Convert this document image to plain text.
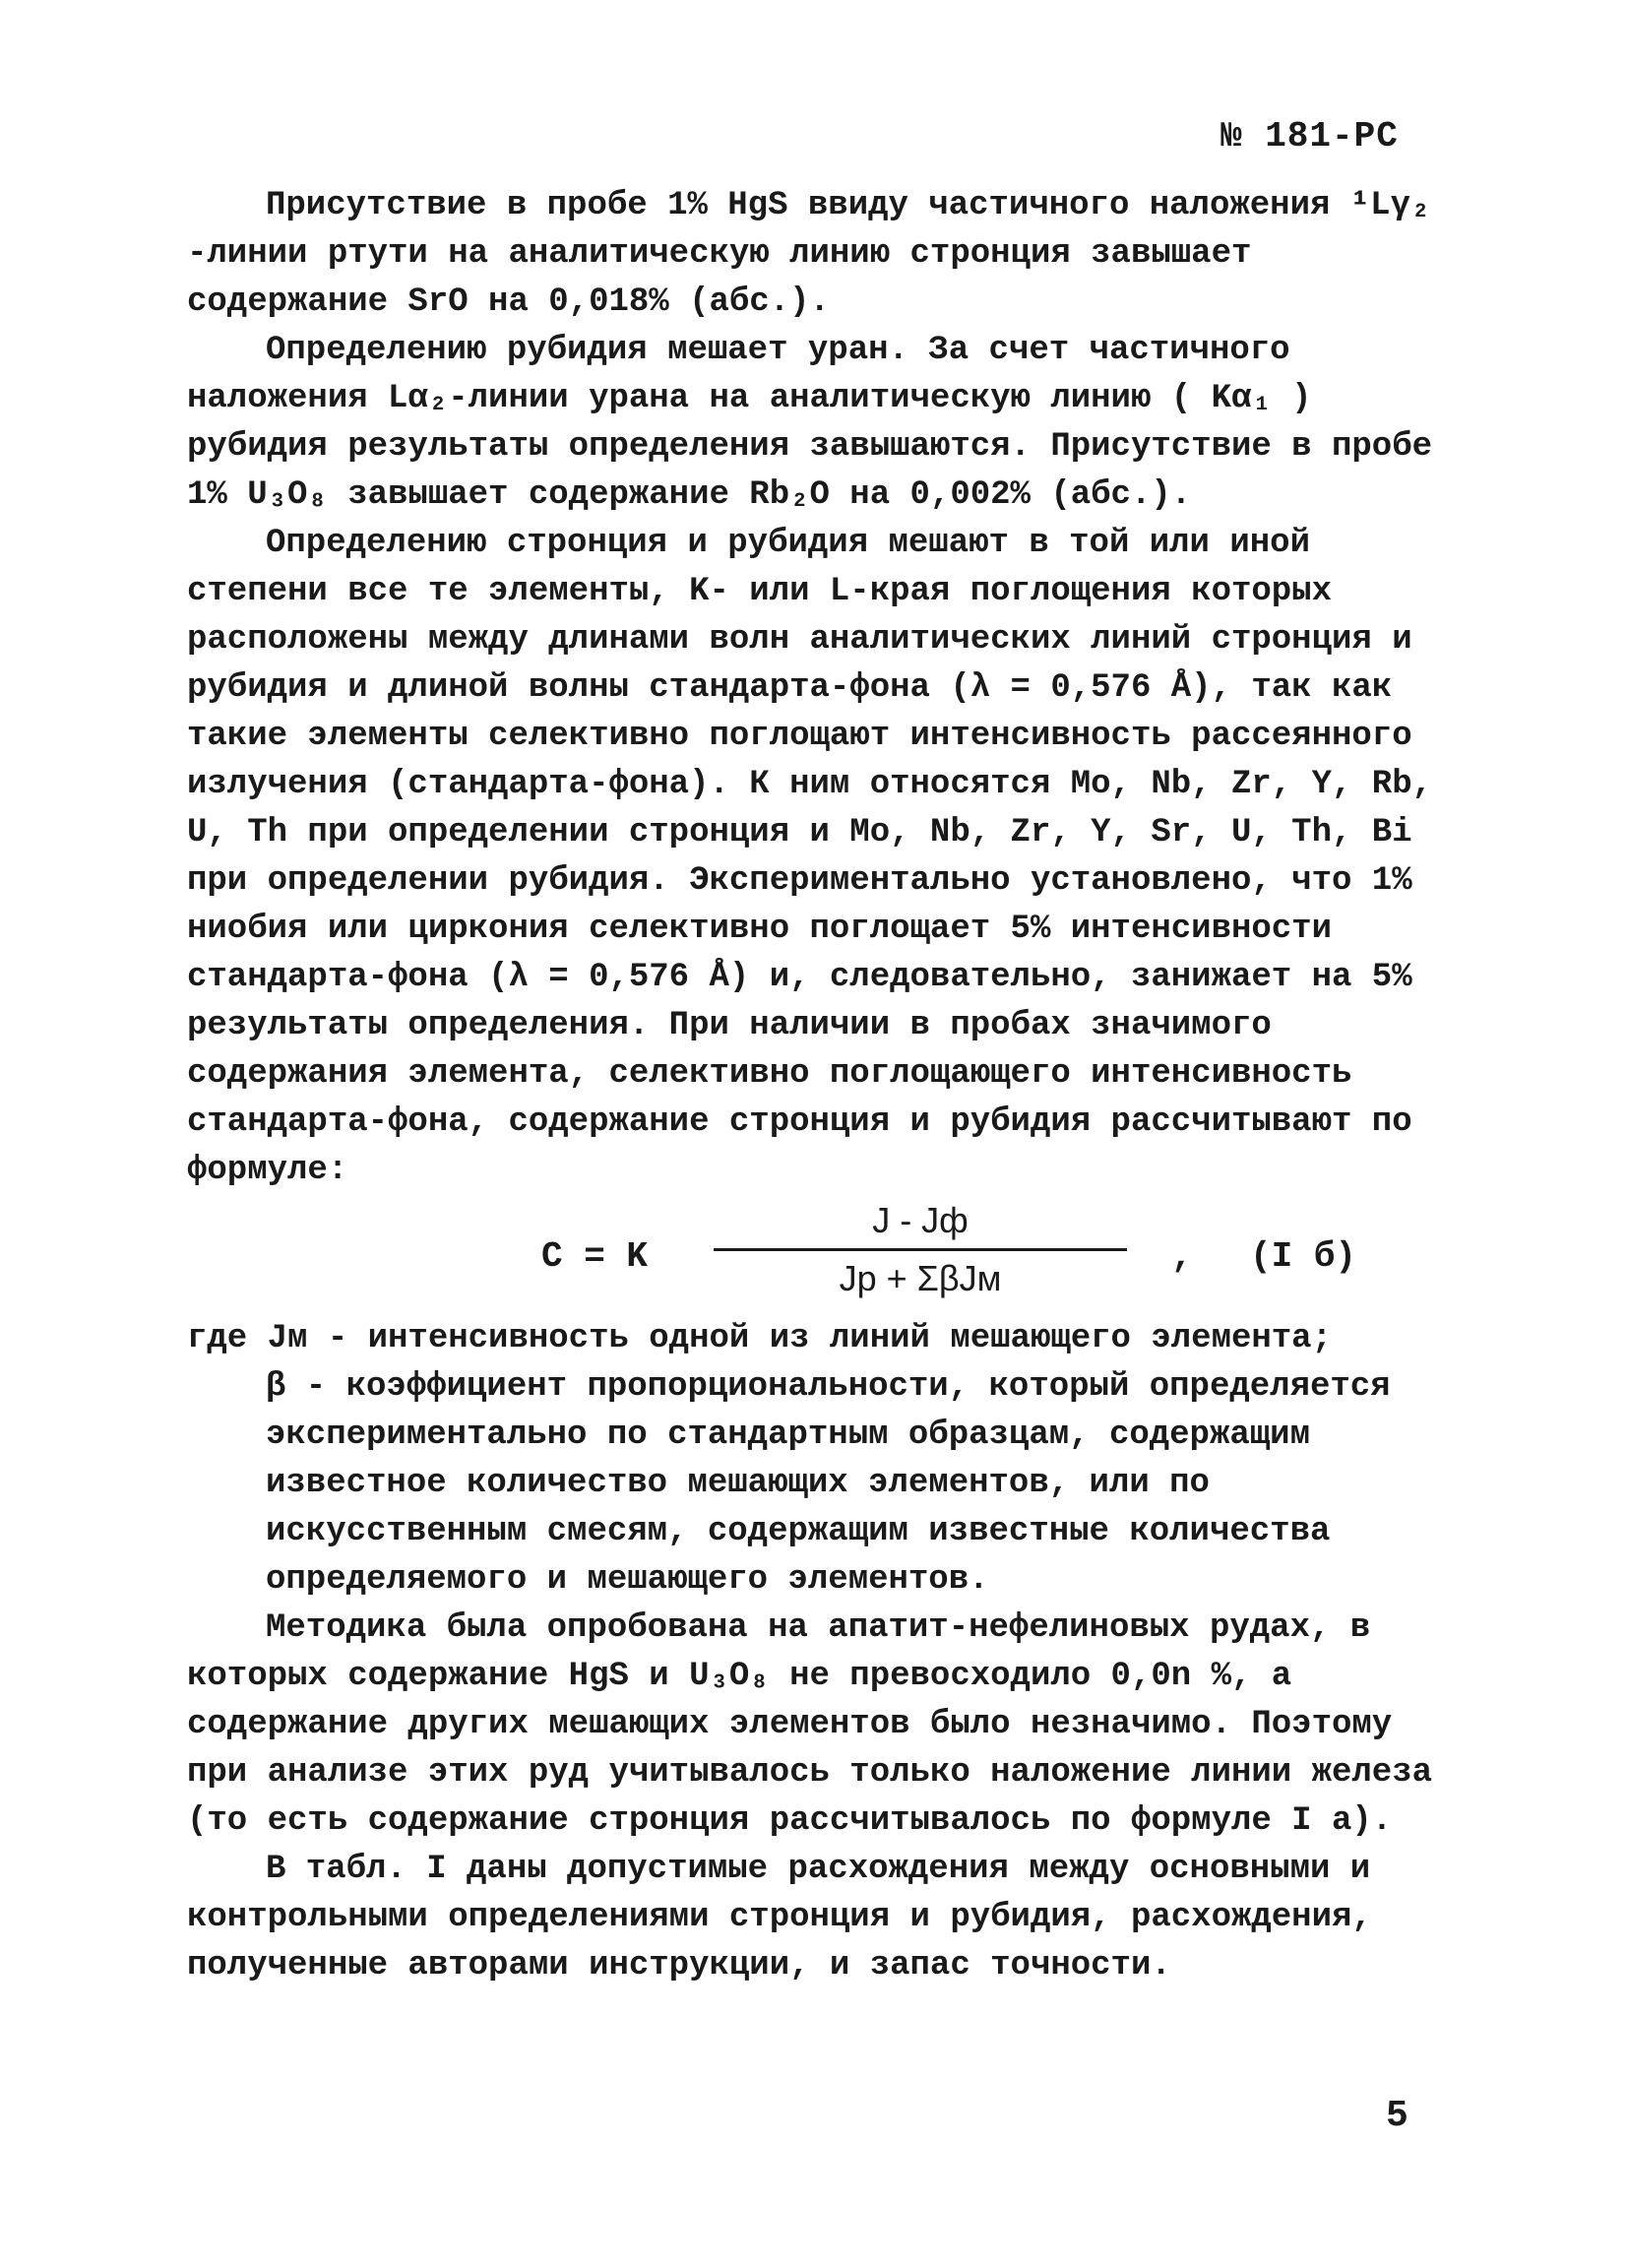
№ 181-РС

Присутствие в пробе 1% HgS ввиду частичного наложения ¹Lγ₂ -линии ртути на аналитическую линию стронция завышает содержание SrO на 0,018% (абс.).

Определению рубидия мешает уран. За счет частичного наложения Lα₂-линии урана на аналитическую линию ( Kα₁ ) рубидия результаты определения завышаются. Присутствие в пробе 1% U₃O₈ завышает содержание Rb₂O на 0,002% (абс.).

Определению стронция и рубидия мешают в той или иной степени все те элементы, K- или L-края поглощения которых расположены между длинами волн аналитических линий стронция и рубидия и длиной волны стандарта-фона (λ = 0,576 Å), так как такие элементы селективно поглощают интенсивность рассеянного излучения (стандарта-фона). К ним относятся Mo, Nb, Zr, Y, Rb, U, Th при определении стронция и Mo, Nb, Zr, Y, Sr, U, Th, Bi при определении рубидия. Экспериментально установлено, что 1% ниобия или циркония селективно поглощает 5% интенсивности стандарта-фона (λ = 0,576 Å) и, следовательно, занижает на 5% результаты определения. При наличии в пробах значимого содержания элемента, селективно поглощающего интенсивность стандарта-фона, содержание стронция и рубидия рассчитывают по формуле:

C = K
J - Jф
Jр + ΣβJм
, (I б)

где Jм - интенсивность одной из линий мешающего элемента;

β - коэффициент пропорциональности, который определяется экспериментально по стандартным образцам, содержащим известное количество мешающих элементов, или по искусственным смесям, содержащим известные количества определяемого и мешающего элементов.

Методика была опробована на апатит-нефелиновых рудах, в которых содержание HgS и U₃O₈ не превосходило 0,0n %, а содержание других мешающих элементов было незначимо. Поэтому при анализе этих руд учитывалось только наложение линии железа (то есть содержание стронция рассчитывалось по формуле I а).

В табл. I даны допустимые расхождения между основными и контрольными определениями стронция и рубидия, расхождения, полученные авторами инструкции, и запас точности.

5
